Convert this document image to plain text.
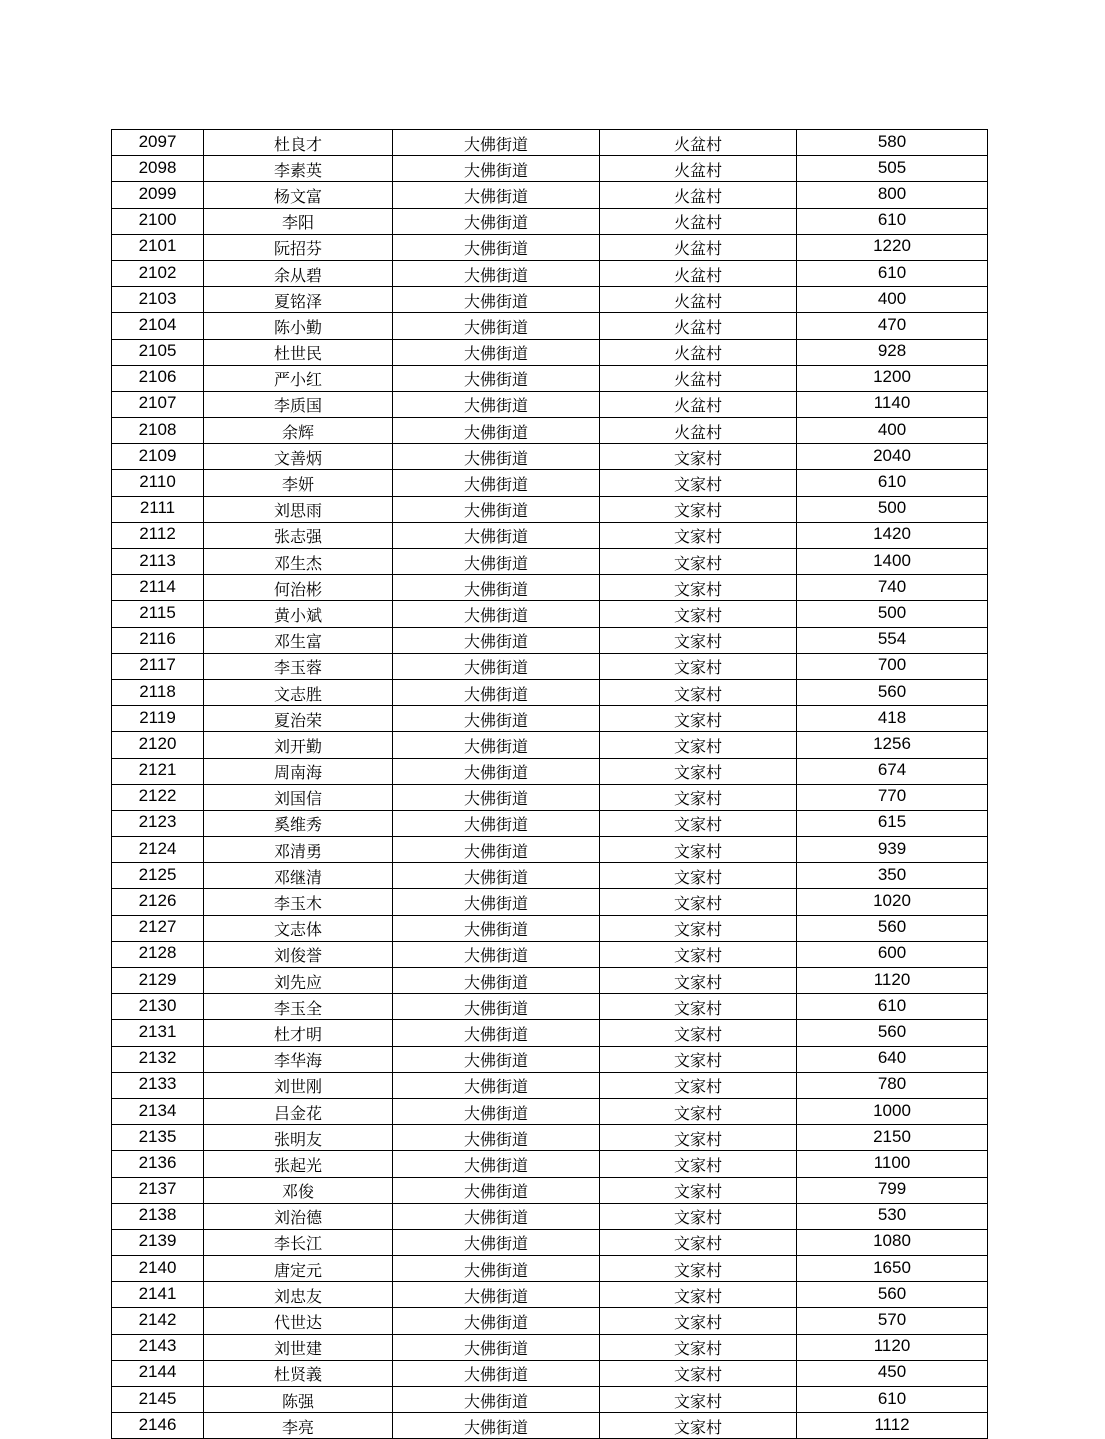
2097	杜良才	大佛街道	火盆村	580
2098	李素英	大佛街道	火盆村	505
2099	杨文富	大佛街道	火盆村	800
2100	李阳	大佛街道	火盆村	610
2101	阮招芬	大佛街道	火盆村	1220
2102	余从碧	大佛街道	火盆村	610
2103	夏铭泽	大佛街道	火盆村	400
2104	陈小勤	大佛街道	火盆村	470
2105	杜世民	大佛街道	火盆村	928
2106	严小红	大佛街道	火盆村	1200
2107	李质国	大佛街道	火盆村	1140
2108	余辉	大佛街道	火盆村	400
2109	文善炳	大佛街道	文家村	2040
2110	李妍	大佛街道	文家村	610
2111	刘思雨	大佛街道	文家村	500
2112	张志强	大佛街道	文家村	1420
2113	邓生杰	大佛街道	文家村	1400
2114	何治彬	大佛街道	文家村	740
2115	黄小斌	大佛街道	文家村	500
2116	邓生富	大佛街道	文家村	554
2117	李玉蓉	大佛街道	文家村	700
2118	文志胜	大佛街道	文家村	560
2119	夏治荣	大佛街道	文家村	418
2120	刘开勤	大佛街道	文家村	1256
2121	周南海	大佛街道	文家村	674
2122	刘国信	大佛街道	文家村	770
2123	奚维秀	大佛街道	文家村	615
2124	邓清勇	大佛街道	文家村	939
2125	邓继清	大佛街道	文家村	350
2126	李玉木	大佛街道	文家村	1020
2127	文志体	大佛街道	文家村	560
2128	刘俊誉	大佛街道	文家村	600
2129	刘先应	大佛街道	文家村	1120
2130	李玉全	大佛街道	文家村	610
2131	杜才明	大佛街道	文家村	560
2132	李华海	大佛街道	文家村	640
2133	刘世刚	大佛街道	文家村	780
2134	吕金花	大佛街道	文家村	1000
2135	张明友	大佛街道	文家村	2150
2136	张起光	大佛街道	文家村	1100
2137	邓俊	大佛街道	文家村	799
2138	刘治德	大佛街道	文家村	530
2139	李长江	大佛街道	文家村	1080
2140	唐定元	大佛街道	文家村	1650
2141	刘忠友	大佛街道	文家村	560
2142	代世达	大佛街道	文家村	570
2143	刘世建	大佛街道	文家村	1120
2144	杜贤義	大佛街道	文家村	450
2145	陈强	大佛街道	文家村	610
2146	李亮	大佛街道	文家村	1112
